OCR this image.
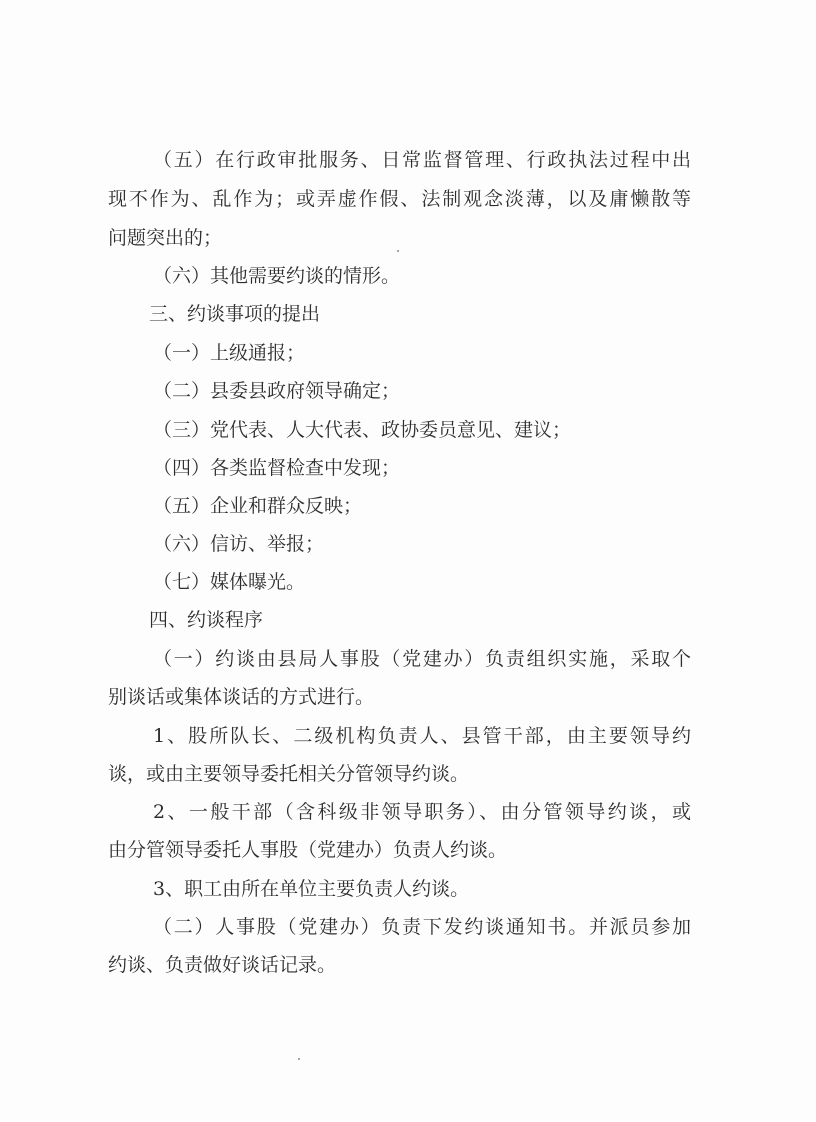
（五）在行政审批服务、日常监督管理、行政执法过程中出
现不作为、乱作为；或弄虚作假、法制观念淡薄，以及庸懒散等
问题突出的；
（六）其他需要约谈的情形。
三、约谈事项的提出
（一）上级通报；
（二）县委县政府领导确定；
（三）党代表、人大代表、政协委员意见、建议；
（四）各类监督检查中发现；
（五）企业和群众反映；
（六）信访、举报；
（七）媒体曝光。
四、约谈程序
（一）约谈由县局人事股（党建办）负责组织实施，采取个
别谈话或集体谈话的方式进行。
1、股所队长、二级机构负责人、县管干部，由主要领导约
谈，或由主要领导委托相关分管领导约谈。
2、一般干部（含科级非领导职务）、由分管领导约谈，或
由分管领导委托人事股（党建办）负责人约谈。
3、职工由所在单位主要负责人约谈。
（二）人事股（党建办）负责下发约谈通知书。并派员参加
约谈、负责做好谈话记录。
